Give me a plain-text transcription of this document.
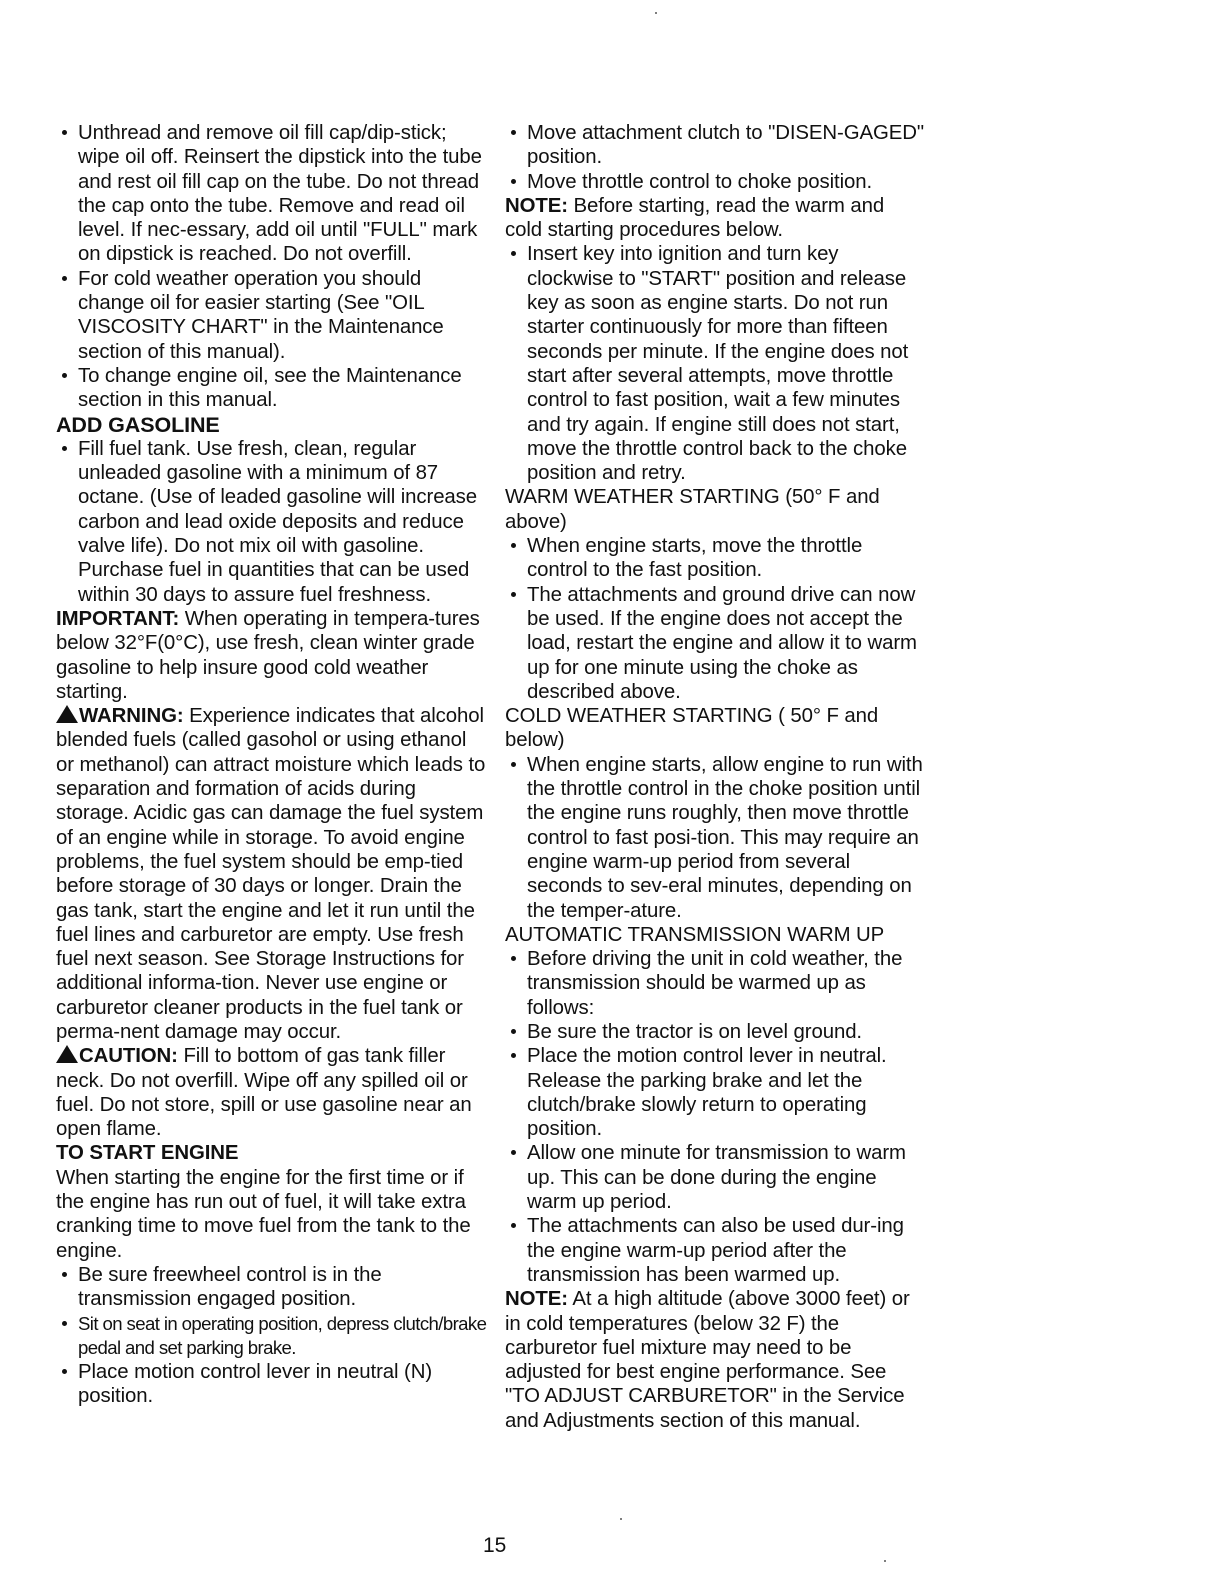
Unthread and remove oil fill cap/dip-stick; wipe oil off. Reinsert the dipstick into the tube and rest oil fill cap on the tube. Do not thread the cap onto the tube. Remove and read oil level. If nec-essary, add oil until "FULL" mark on dipstick is reached. Do not overfill.

For cold weather operation you should change oil for easier starting (See "OIL VISCOSITY CHART" in the Maintenance section of this manual).

To change engine oil, see the Maintenance section in this manual.

ADD GASOLINE

Fill fuel tank. Use fresh, clean, regular unleaded gasoline with a minimum of 87 octane. (Use of leaded gasoline will increase carbon and lead oxide deposits and reduce valve life). Do not mix oil with gasoline. Purchase fuel in quantities that can be used within 30 days to assure fuel freshness.

IMPORTANT: When operating in tempera-tures below 32°F(0°C), use fresh, clean winter grade gasoline to help insure good cold weather starting.

WARNING: Experience indicates that alcohol blended fuels (called gasohol or using ethanol or methanol) can attract moisture which leads to separation and formation of acids during storage. Acidic gas can damage the fuel system of an engine while in storage. To avoid engine problems, the fuel system should be emp-tied before storage of 30 days or longer. Drain the gas tank, start the engine and let it run until the fuel lines and carburetor are empty. Use fresh fuel next season. See Storage Instructions for additional informa-tion. Never use engine or carburetor cleaner products in the fuel tank or perma-nent damage may occur.

CAUTION: Fill to bottom of gas tank filler neck. Do not overfill. Wipe off any spilled oil or fuel. Do not store, spill or use gasoline near an open flame.

TO START ENGINE

When starting the engine for the first time or if the engine has run out of fuel, it will take extra cranking time to move fuel from the tank to the engine.

Be sure freewheel control is in the transmission engaged position.

Sit on seat in operating position, depress clutch/brake pedal and set parking brake.

Place motion control lever in neutral (N) position.

Move attachment clutch to "DISEN-GAGED" position.

Move throttle control to choke position.

NOTE: Before starting, read the warm and cold starting procedures below.

Insert key into ignition and turn key clockwise to "START" position and release key as soon as engine starts. Do not run starter continuously for more than fifteen seconds per minute. If the engine does not start after several attempts, move throttle control to fast position, wait a few minutes and try again. If engine still does not start, move the throttle control back to the choke position and retry.

WARM WEATHER STARTING (50° F and above)

When engine starts, move the throttle control to the fast position.

The attachments and ground drive can now be used. If the engine does not accept the load, restart the engine and allow it to warm up for one minute using the choke as described above.

COLD WEATHER STARTING ( 50° F and below)

When engine starts, allow engine to run with the throttle control in the choke position until the engine runs roughly, then move throttle control to fast posi-tion. This may require an engine warm-up period from several seconds to sev-eral minutes, depending on the temper-ature.

AUTOMATIC TRANSMISSION WARM UP

Before driving the unit in cold weather, the transmission should be warmed up as follows:

Be sure the tractor is on level ground.

Place the motion control lever in neutral. Release the parking brake and let the clutch/brake slowly return to operating position.

Allow one minute for transmission to warm up. This can be done during the engine warm up period.

The attachments can also be used dur-ing the engine warm-up period after the transmission has been warmed up.

NOTE: At a high altitude (above 3000 feet) or in cold temperatures (below 32 F) the carburetor fuel mixture may need to be adjusted for best engine performance. See "TO ADJUST CARBURETOR" in the Service and Adjustments section of this manual.

15
